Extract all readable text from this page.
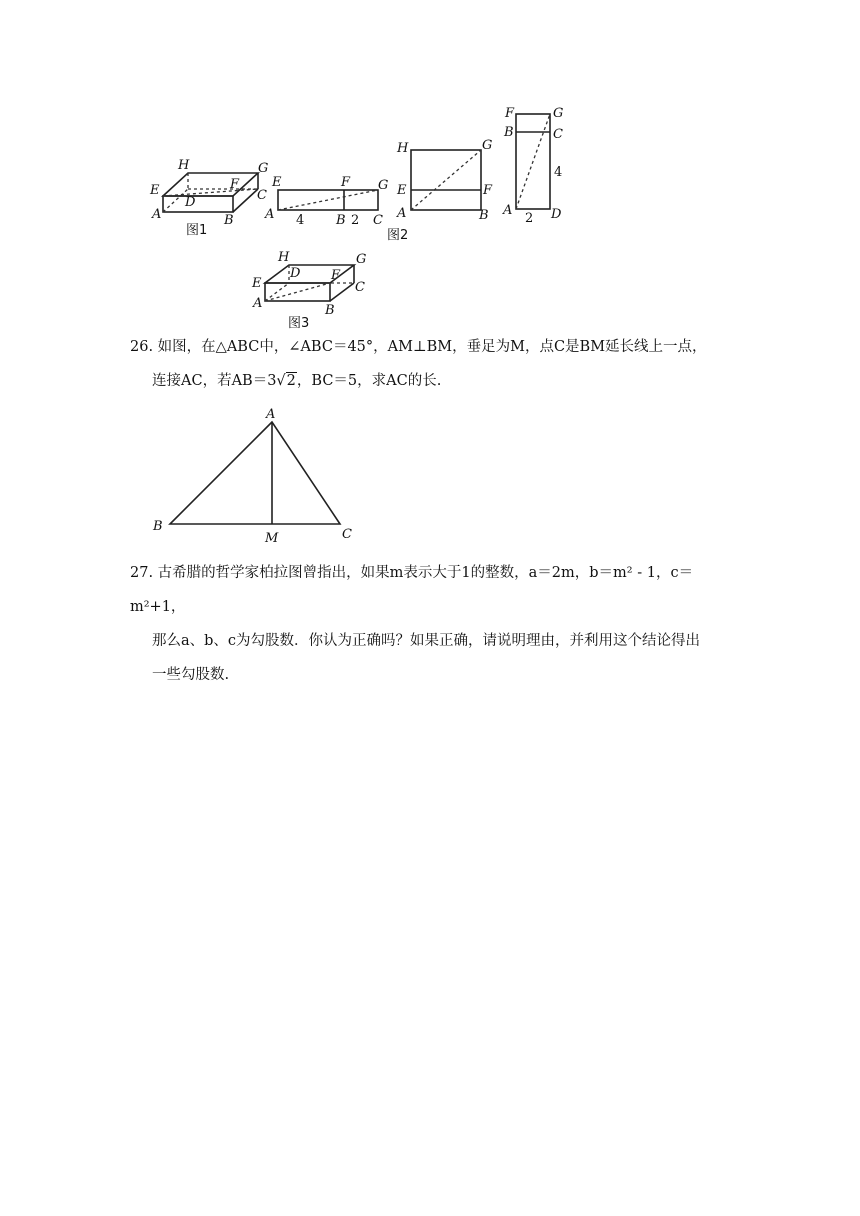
H	G
E	F
C
D
A	B
图1
E	F G
A 4 B 2 C
H	G
E	F
A	B
图2
F	G
B	C
4
A
2 D
H	G
E
D F
C
A	B
图3

26. 如图，在△ABC中，∠ABC＝45°，AM⊥BM，垂足为M，点C是BM延长线上一点，

连接AC，若AB＝3√2，BC＝5，求AC的长.

A
B
M	C

27. 古希腊的哲学家柏拉图曾指出，如果m表示大于1的整数，a＝2m，b＝m² - 1，c＝m²+1，

那么a、b、c为勾股数．你认为正确吗？如果正确，请说明理由，并利用这个结论得出

一些勾股数.
